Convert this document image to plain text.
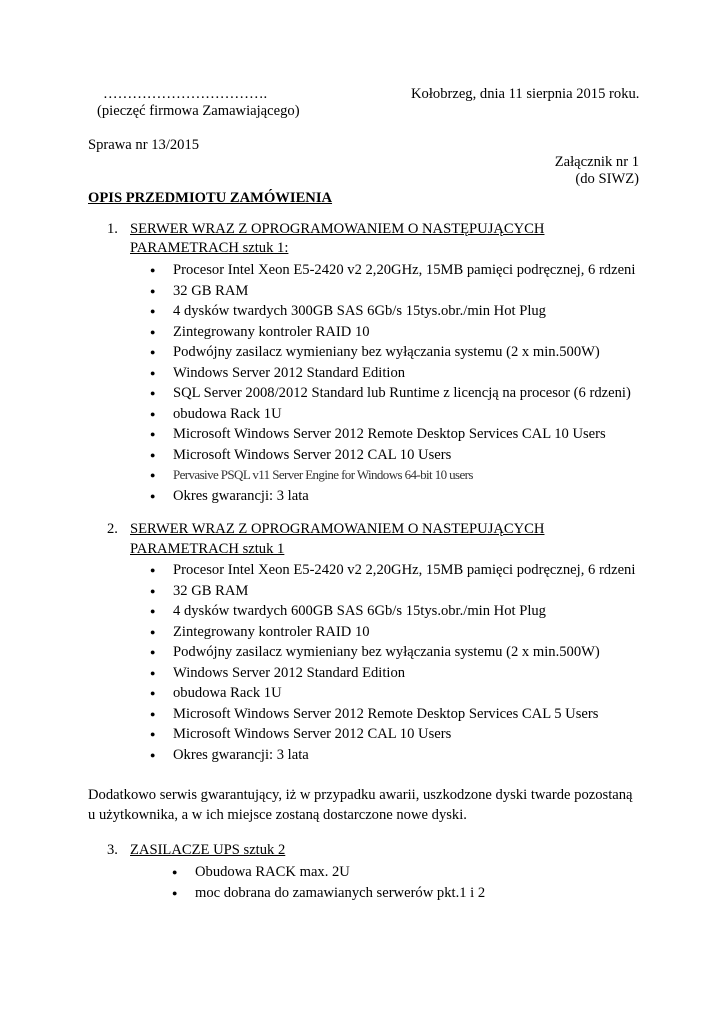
…………………………….
(pieczęć firmowa Zamawiającego)
Kołobrzeg, dnia 11 sierpnia 2015 roku.
Sprawa nr 13/2015
Załącznik nr 1
(do SIWZ)
OPIS PRZEDMIOTU ZAMÓWIENIA
1. SERWER WRAZ Z OPROGRAMOWANIEM O NASTĘPUJĄCYCH
PARAMETRACH sztuk 1:
● Procesor Intel Xeon E5-2420 v2 2,20GHz, 15MB pamięci podręcznej, 6 rdzeni
● 32 GB RAM
● 4 dysków twardych 300GB SAS 6Gb/s 15tys.obr./min Hot Plug
● Zintegrowany kontroler RAID 10
● Podwójny zasilacz wymieniany bez wyłączania systemu (2 x min.500W)
● Windows Server 2012 Standard Edition
● SQL Server 2008/2012 Standard lub Runtime z licencją na procesor (6 rdzeni)
● obudowa Rack 1U
● Microsoft Windows Server 2012 Remote Desktop Services CAL 10 Users
● Microsoft Windows Server 2012 CAL 10 Users
● Pervasive PSQL v11 Server Engine for Windows 64-bit 10 users
● Okres gwarancji: 3 lata
2. SERWER WRAZ Z OPROGRAMOWANIEM O NASTEPUJĄCYCH
PARAMETRACH sztuk 1
● Procesor Intel Xeon E5-2420 v2 2,20GHz, 15MB pamięci podręcznej, 6 rdzeni
● 32 GB RAM
● 4 dysków twardych 600GB SAS 6Gb/s 15tys.obr./min Hot Plug
● Zintegrowany kontroler RAID 10
● Podwójny zasilacz wymieniany bez wyłączania systemu (2 x min.500W)
● Windows Server 2012 Standard Edition
● obudowa Rack 1U
● Microsoft Windows Server 2012 Remote Desktop Services CAL 5 Users
● Microsoft Windows Server 2012 CAL 10 Users
● Okres gwarancji: 3 lata
Dodatkowo serwis gwarantujący, iż w przypadku awarii, uszkodzone dyski twarde pozostaną
u użytkownika, a w ich miejsce zostaną dostarczone nowe dyski.
3. ZASILACZE UPS sztuk 2
● Obudowa RACK max. 2U
● moc dobrana do zamawianych serwerów pkt.1 i 2
